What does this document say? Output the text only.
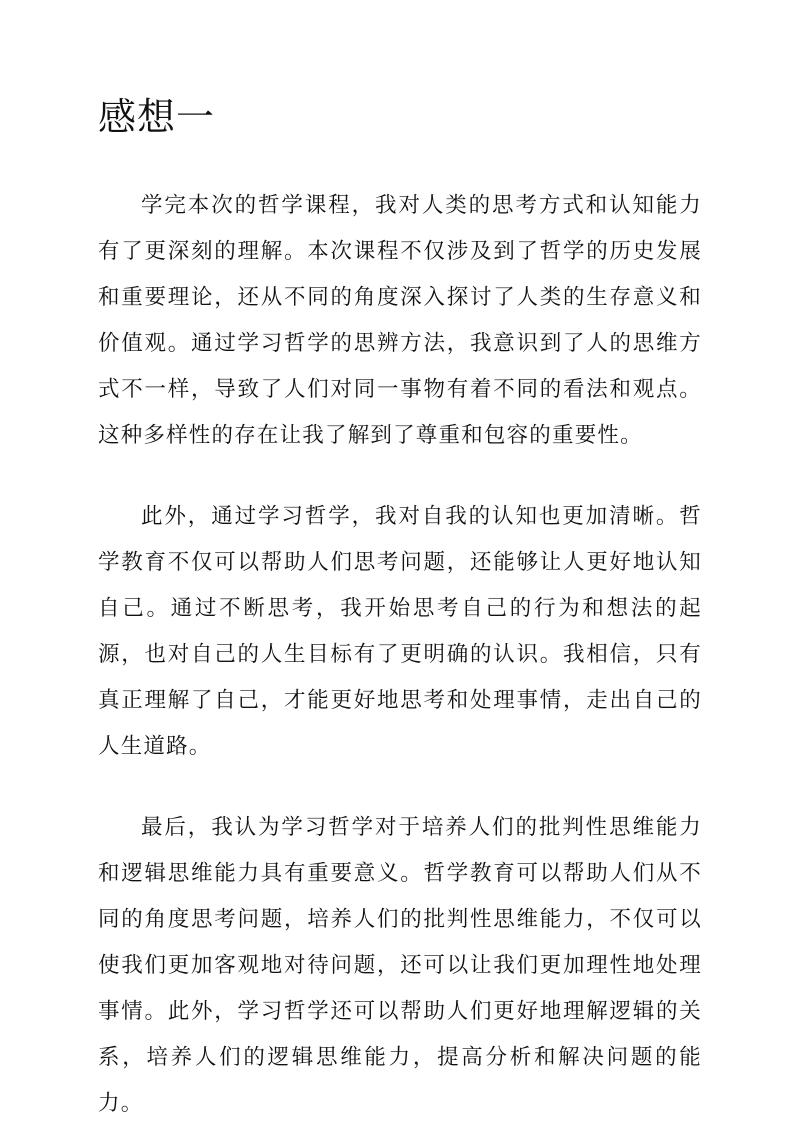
感想一

学完本次的哲学课程，我对人类的思考方式和认知能力有了更深刻的理解。本次课程不仅涉及到了哲学的历史发展和重要理论，还从不同的角度深入探讨了人类的生存意义和价值观。通过学习哲学的思辨方法，我意识到了人的思维方式不一样，导致了人们对同一事物有着不同的看法和观点。这种多样性的存在让我了解到了尊重和包容的重要性。

此外，通过学习哲学，我对自我的认知也更加清晰。哲学教育不仅可以帮助人们思考问题，还能够让人更好地认知自己。通过不断思考，我开始思考自己的行为和想法的起源，也对自己的人生目标有了更明确的认识。我相信，只有真正理解了自己，才能更好地思考和处理事情，走出自己的人生道路。

最后，我认为学习哲学对于培养人们的批判性思维能力和逻辑思维能力具有重要意义。哲学教育可以帮助人们从不同的角度思考问题，培养人们的批判性思维能力，不仅可以使我们更加客观地对待问题，还可以让我们更加理性地处理事情。此外，学习哲学还可以帮助人们更好地理解逻辑的关系，培养人们的逻辑思维能力，提高分析和解决问题的能力。
